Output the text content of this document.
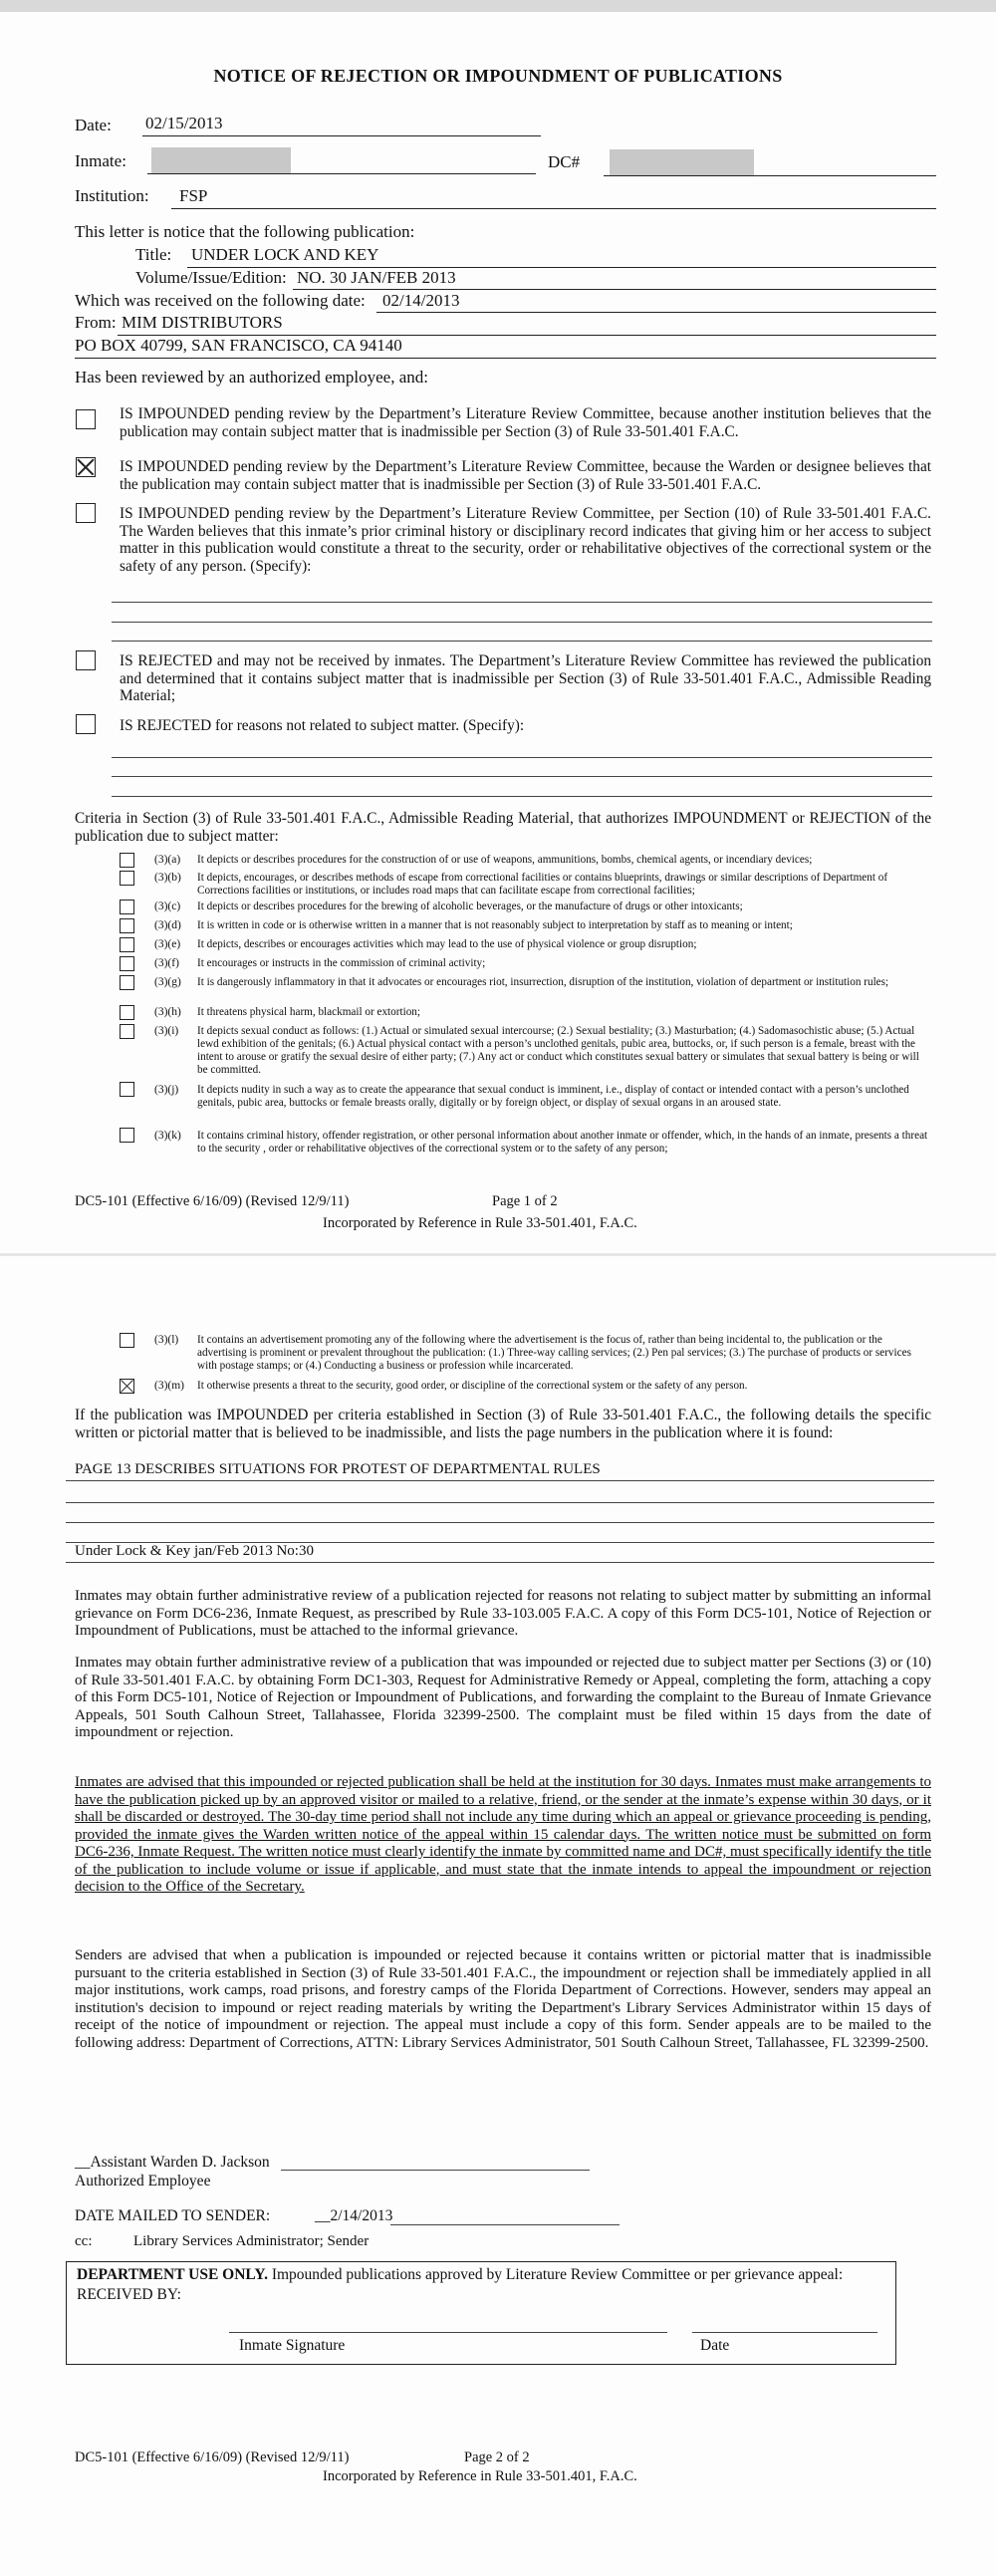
NOTICE OF REJECTION OR IMPOUNDMENT OF PUBLICATIONS
Date: 02/15/2013
Inmate:	DC#
Institution: FSP
This letter is notice that the following publication:
Title: UNDER LOCK AND KEY
Volume/Issue/Edition: NO. 30 JAN/FEB 2013
Which was received on the following date: 02/14/2013
From: MIM DISTRIBUTORS
PO BOX 40799, SAN FRANCISCO, CA 94140
Has been reviewed by an authorized employee, and:
IS IMPOUNDED pending review by the Department’s Literature Review Committee, because another institution believes that the publication may contain subject matter that is inadmissible per Section (3) of Rule 33-501.401 F.A.C.
IS IMPOUNDED pending review by the Department’s Literature Review Committee, because the Warden or designee believes that the publication may contain subject matter that is inadmissible per Section (3) of Rule 33-501.401 F.A.C.
IS IMPOUNDED pending review by the Department’s Literature Review Committee, per Section (10) of Rule 33-501.401 F.A.C. The Warden believes that this inmate’s prior criminal history or disciplinary record indicates that giving him or her access to subject matter in this publication would constitute a threat to the security, order or rehabilitative objectives of the correctional system or the safety of any person. (Specify):
IS REJECTED and may not be received by inmates. The Department’s Literature Review Committee has reviewed the publication and determined that it contains subject matter that is inadmissible per Section (3) of Rule 33-501.401 F.A.C., Admissible Reading Material;
IS REJECTED for reasons not related to subject matter. (Specify):
Criteria in Section (3) of Rule 33-501.401 F.A.C., Admissible Reading Material, that authorizes IMPOUNDMENT or REJECTION of the publication due to subject matter:
(3)(a) It depicts or describes procedures for the construction of or use of weapons, ammunitions, bombs, chemical agents, or incendiary devices;
(3)(b) It depicts, encourages, or describes methods of escape from correctional facilities or contains blueprints, drawings or similar descriptions of Department of Corrections facilities or institutions, or includes road maps that can facilitate escape from correctional facilities;
(3)(c) It depicts or describes procedures for the brewing of alcoholic beverages, or the manufacture of drugs or other intoxicants;
(3)(d) It is written in code or is otherwise written in a manner that is not reasonably subject to interpretation by staff as to meaning or intent;
(3)(e) It depicts, describes or encourages activities which may lead to the use of physical violence or group disruption;
(3)(f) It encourages or instructs in the commission of criminal activity;
(3)(g) It is dangerously inflammatory in that it advocates or encourages riot, insurrection, disruption of the institution, violation of department or institution rules;
(3)(h) It threatens physical harm, blackmail or extortion;
(3)(i) It depicts sexual conduct as follows: (1.) Actual or simulated sexual intercourse; (2.) Sexual bestiality; (3.) Masturbation; (4.) Sadomasochistic abuse; (5.) Actual lewd exhibition of the genitals; (6.) Actual physical contact with a person’s unclothed genitals, pubic area, buttocks, or, if such person is a female, breast with the intent to arouse or gratify the sexual desire of either party; (7.) Any act or conduct which constitutes sexual battery or simulates that sexual battery is being or will be committed.
(3)(j) It depicts nudity in such a way as to create the appearance that sexual conduct is imminent, i.e., display of contact or intended contact with a person’s unclothed genitals, pubic area, buttocks or female breasts orally, digitally or by foreign object, or display of sexual organs in an aroused state.
(3)(k) It contains criminal history, offender registration, or other personal information about another inmate or offender, which, in the hands of an inmate, presents a threat to the security , order or rehabilitative objectives of the correctional system or to the safety of any person;
DC5-101 (Effective 6/16/09) (Revised 12/9/11)	Page 1 of 2
Incorporated by Reference in Rule 33-501.401, F.A.C.
(3)(l) It contains an advertisement promoting any of the following where the advertisement is the focus of, rather than being incidental to, the publication or the advertising is prominent or prevalent throughout the publication: (1.) Three-way calling services; (2.) Pen pal services; (3.) The purchase of products or services with postage stamps; or (4.) Conducting a business or profession while incarcerated.
(3)(m) It otherwise presents a threat to the security, good order, or discipline of the correctional system or the safety of any person.
If the publication was IMPOUNDED per criteria established in Section (3) of Rule 33-501.401 F.A.C., the following details the specific written or pictorial matter that is believed to be inadmissible, and lists the page numbers in the publication where it is found:
PAGE 13 DESCRIBES SITUATIONS FOR PROTEST OF DEPARTMENTAL RULES
Under Lock & Key jan/Feb 2013 No:30
Inmates may obtain further administrative review of a publication rejected for reasons not relating to subject matter by submitting an informal grievance on Form DC6-236, Inmate Request, as prescribed by Rule 33-103.005 F.A.C. A copy of this Form DC5-101, Notice of Rejection or Impoundment of Publications, must be attached to the informal grievance.
Inmates may obtain further administrative review of a publication that was impounded or rejected due to subject matter per Sections (3) or (10) of Rule 33-501.401 F.A.C. by obtaining Form DC1-303, Request for Administrative Remedy or Appeal, completing the form, attaching a copy of this Form DC5-101, Notice of Rejection or Impoundment of Publications, and forwarding the complaint to the Bureau of Inmate Grievance Appeals, 501 South Calhoun Street, Tallahassee, Florida 32399-2500. The complaint must be filed within 15 days from the date of impoundment or rejection.
Inmates are advised that this impounded or rejected publication shall be held at the institution for 30 days. Inmates must make arrangements to have the publication picked up by an approved visitor or mailed to a relative, friend, or the sender at the inmate’s expense within 30 days, or it shall be discarded or destroyed. The 30-day time period shall not include any time during which an appeal or grievance proceeding is pending, provided the inmate gives the Warden written notice of the appeal within 15 calendar days. The written notice must be submitted on form DC6-236, Inmate Request. The written notice must clearly identify the inmate by committed name and DC#, must specifically identify the title of the publication to include volume or issue if applicable, and must state that the inmate intends to appeal the impoundment or rejection decision to the Office of the Secretary.
Senders are advised that when a publication is impounded or rejected because it contains written or pictorial matter that is inadmissible pursuant to the criteria established in Section (3) of Rule 33-501.401 F.A.C., the impoundment or rejection shall be immediately applied in all major institutions, work camps, road prisons, and forestry camps of the Florida Department of Corrections. However, senders may appeal an institution's decision to impound or reject reading materials by writing the Department's Library Services Administrator within 15 days of receipt of the notice of impoundment or rejection. The appeal must include a copy of this form. Sender appeals are to be mailed to the following address: Department of Corrections, ATTN: Library Services Administrator, 501 South Calhoun Street, Tallahassee, FL 32399-2500.
__Assistant Warden D. Jackson
Authorized Employee
DATE MAILED TO SENDER:	__2/14/2013
cc:	Library Services Administrator; Sender
DEPARTMENT USE ONLY. Impounded publications approved by Literature Review Committee or per grievance appeal:
RECEIVED BY:
Inmate Signature	Date
DC5-101 (Effective 6/16/09) (Revised 12/9/11)	Page 2 of 2
Incorporated by Reference in Rule 33-501.401, F.A.C.
